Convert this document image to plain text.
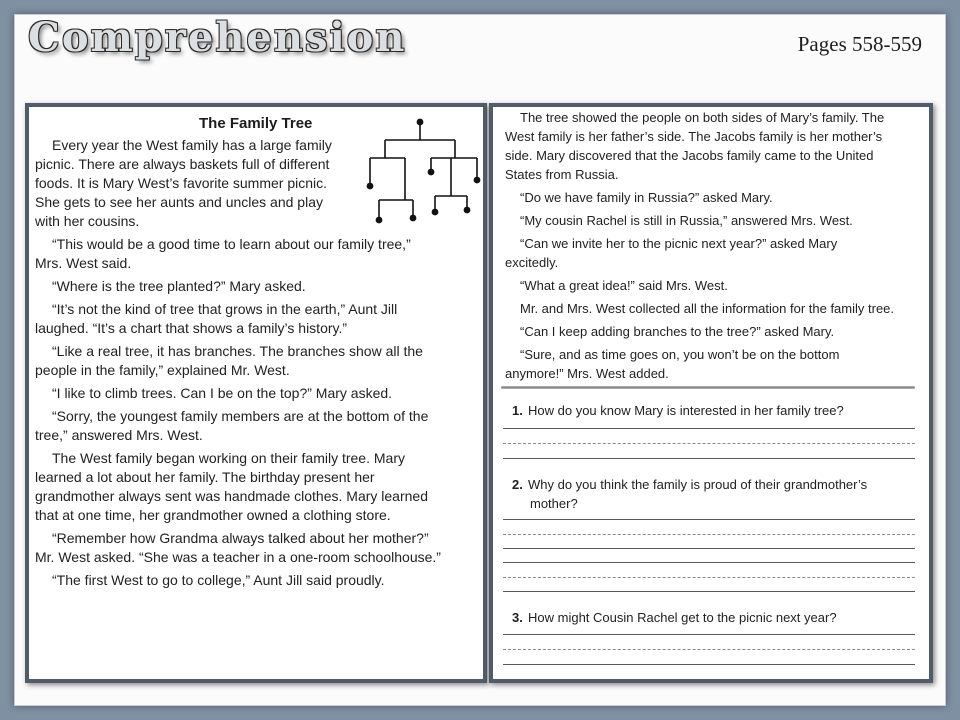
Comprehension	Pages 558-559
The Family Tree
Every year the West family has a large family
picnic. There are always baskets full of different
foods. It is Mary West’s favorite summer picnic.
She gets to see her aunts and uncles and play
with her cousins.
“This would be a good time to learn about our family tree,”
Mrs. West said.
“Where is the tree planted?” Mary asked.
“It’s not the kind of tree that grows in the earth,” Aunt Jill
laughed. “It’s a chart that shows a family’s history.”
“Like a real tree, it has branches. The branches show all the
people in the family,” explained Mr. West.
“I like to climb trees. Can I be on the top?” Mary asked.
“Sorry, the youngest family members are at the bottom of the
tree,” answered Mrs. West.
The West family began working on their family tree. Mary
learned a lot about her family. The birthday present her
grandmother always sent was handmade clothes. Mary learned
that at one time, her grandmother owned a clothing store.
“Remember how Grandma always talked about her mother?”
Mr. West asked. “She was a teacher in a one-room schoolhouse.”
“The first West to go to college,” Aunt Jill said proudly.
The tree showed the people on both sides of Mary’s family. The
West family is her father’s side. The Jacobs family is her mother’s
side. Mary discovered that the Jacobs family came to the United
States from Russia.
“Do we have family in Russia?” asked Mary.
“My cousin Rachel is still in Russia,” answered Mrs. West.
“Can we invite her to the picnic next year?” asked Mary
excitedly.
“What a great idea!” said Mrs. West.
Mr. and Mrs. West collected all the information for the family tree.
“Can I keep adding branches to the tree?” asked Mary.
“Sure, and as time goes on, you won’t be on the bottom
anymore!” Mrs. West added.
1. How do you know Mary is interested in her family tree?
2. Why do you think the family is proud of their grandmother’s
mother?
3. How might Cousin Rachel get to the picnic next year?
